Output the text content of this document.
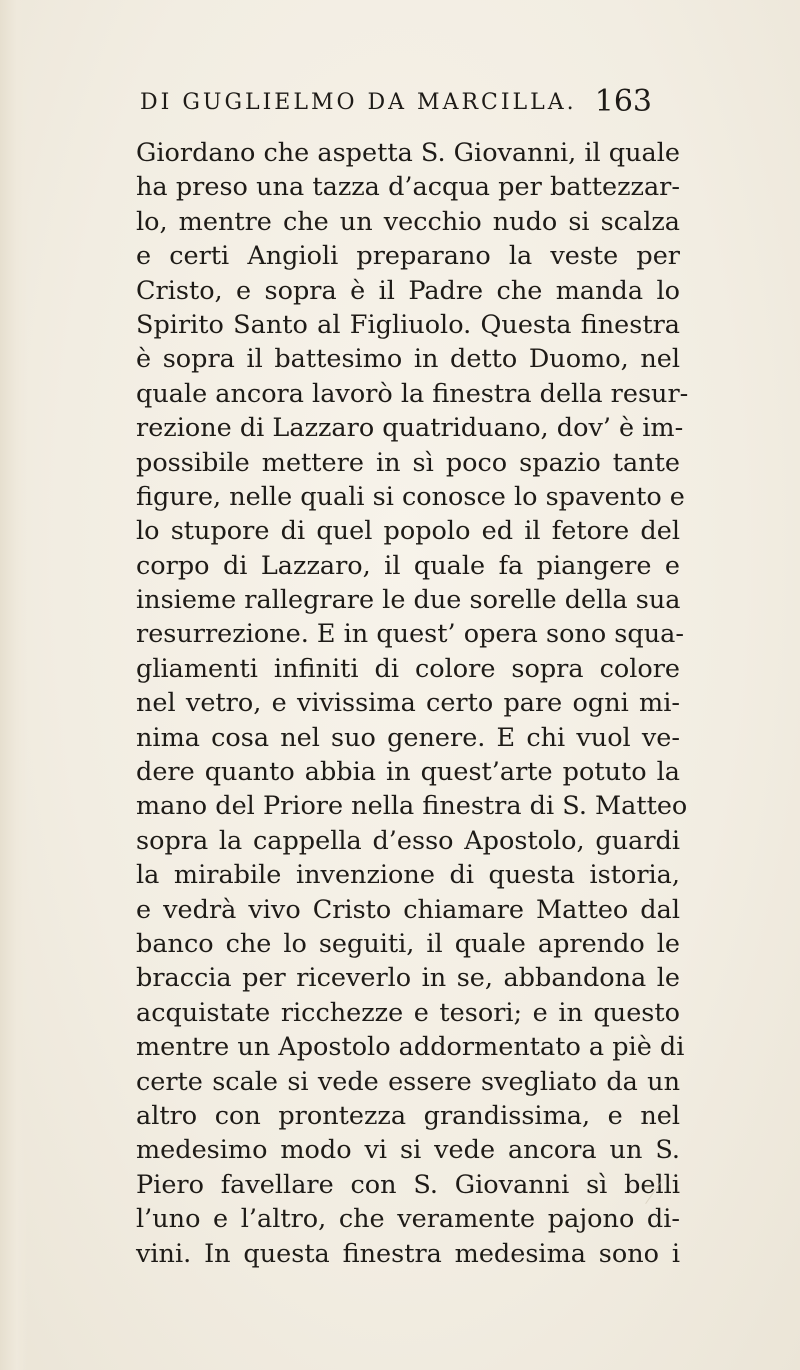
DI GUGLIELMO DA MARCILLA. 163
Giordano che aspetta S. Giovanni, il quale
ha preso una tazza d’acqua per battezzar-
lo, mentre che un vecchio nudo si scalza
e certi Angioli preparano la veste per
Cristo, e sopra è il Padre che manda lo
Spirito Santo al Figliuolo. Questa finestra
è sopra il battesimo in detto Duomo, nel
quale ancora lavorò la finestra della resur-
rezione di Lazzaro quatriduano, dov’ è im-
possibile mettere in sì poco spazio tante
figure, nelle quali si conosce lo spavento e
lo stupore di quel popolo ed il fetore del
corpo di Lazzaro, il quale fa piangere e
insieme rallegrare le due sorelle della sua
resurrezione. E in quest’ opera sono squa-
gliamenti infiniti di colore sopra colore
nel vetro, e vivissima certo pare ogni mi-
nima cosa nel suo genere. E chi vuol ve-
dere quanto abbia in quest’arte potuto la
mano del Priore nella finestra di S. Matteo
sopra la cappella d’esso Apostolo, guardi
la mirabile invenzione di questa istoria,
e vedrà vivo Cristo chiamare Matteo dal
banco che lo seguiti, il quale aprendo le
braccia per riceverlo in se, abbandona le
acquistate ricchezze e tesori; e in questo
mentre un Apostolo addormentato a piè di
certe scale si vede essere svegliato da un
altro con prontezza grandissima, e nel
medesimo modo vi si vede ancora un S.
Piero favellare con S. Giovanni sì belli
l’uno e l’altro, che veramente pajono di-
vini. In questa finestra medesima sono i
